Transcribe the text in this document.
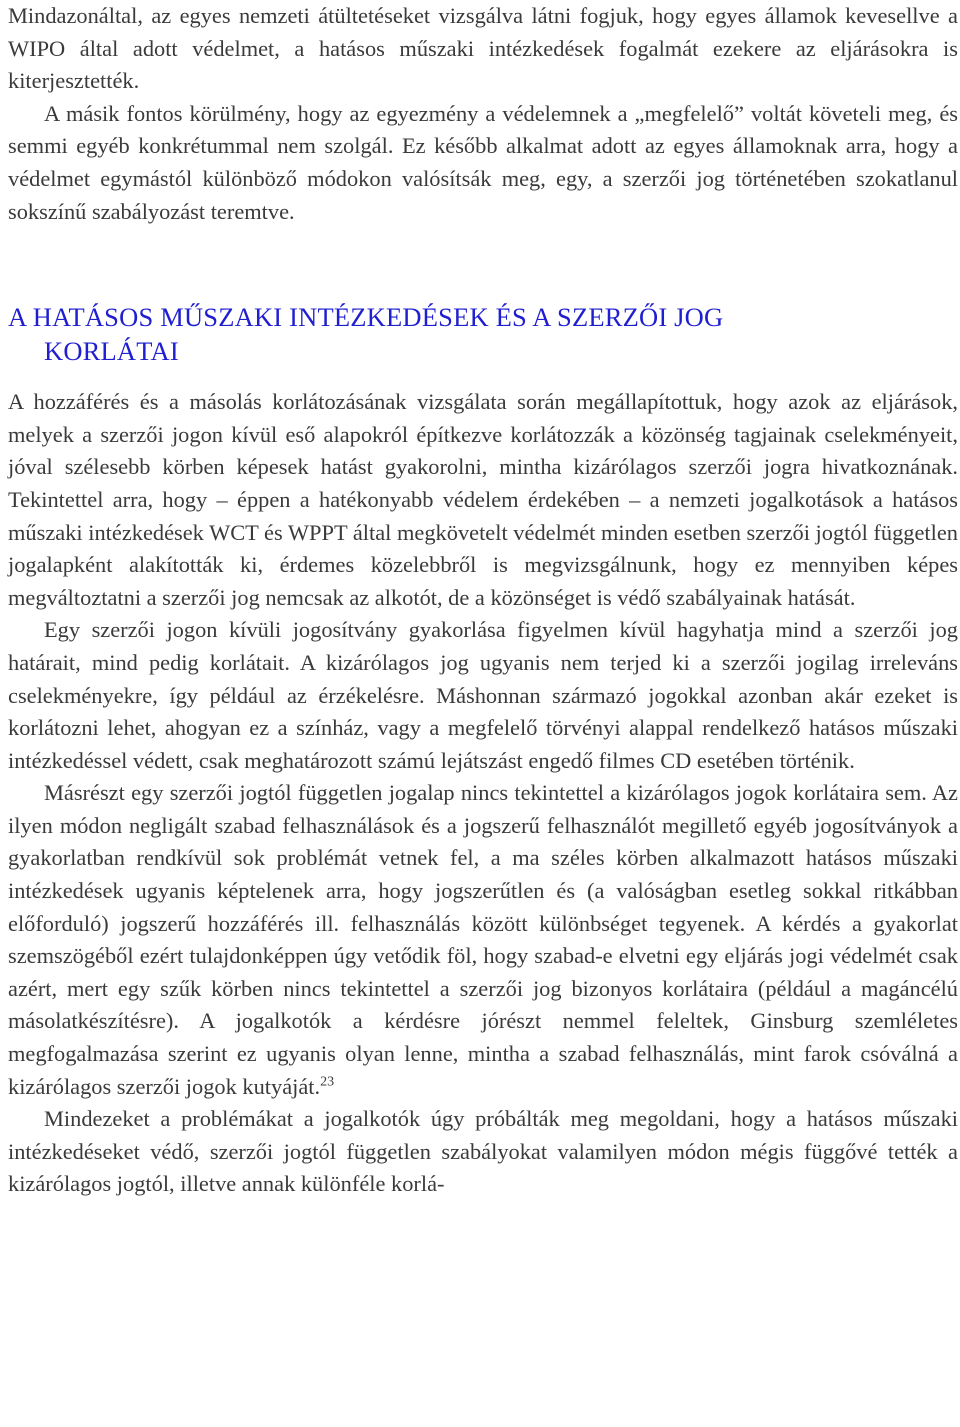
Mindazonáltal, az egyes nemzeti átültetéseket vizsgálva látni fogjuk, hogy egyes államok kevesellve a WIPO által adott védelmet, a hatásos műszaki intézkedések fogalmát ezekere az eljárásokra is kiterjesztették.

A másik fontos körülmény, hogy az egyezmény a védelemnek a „megfelelő” voltát követeli meg, és semmi egyéb konkrétummal nem szolgál. Ez később alkalmat adott az egyes államoknak arra, hogy a védelmet egymástól különböző módokon valósítsák meg, egy, a szerzői jog történetében szokatlanul sokszínű szabályozást teremtve.

A HATÁSOS MŰSZAKI INTÉZKEDÉSEK ÉS A SZERZŐI JOG
KORLÁTAI

A hozzáférés és a másolás korlátozásának vizsgálata során megállapítottuk, hogy azok az eljárások, melyek a szerzői jogon kívül eső alapokról építkezve korlátozzák a közönség tagjainak cselekményeit, jóval szélesebb körben képesek hatást gyakorolni, mintha kizárólagos szerzői jogra hivatkoznának. Tekintettel arra, hogy – éppen a hatékonyabb védelem érdekében – a nemzeti jogalkotások a hatásos műszaki intézkedések WCT és WPPT által megkövetelt védelmét minden esetben szerzői jogtól független jogalapként alakították ki, érdemes közelebbről is megvizsgálnunk, hogy ez mennyiben képes megváltoztatni a szerzői jog nemcsak az alkotót, de a közönséget is védő szabályainak hatását.

Egy szerzői jogon kívüli jogosítvány gyakorlása figyelmen kívül hagyhatja mind a szerzői jog határait, mind pedig korlátait. A kizárólagos jog ugyanis nem terjed ki a szerzői jogilag irreleváns cselekményekre, így például az érzékelésre. Máshonnan származó jogokkal azonban akár ezeket is korlátozni lehet, ahogyan ez a színház, vagy a megfelelő törvényi alappal rendelkező hatásos műszaki intézkedéssel védett, csak meghatározott számú lejátszást engedő filmes CD esetében történik.

Másrészt egy szerzői jogtól független jogalap nincs tekintettel a kizárólagos jogok korlátaira sem. Az ilyen módon negligált szabad felhasználások és a jogszerű felhasználót megillető egyéb jogosítványok a gyakorlatban rendkívül sok problémát vetnek fel, a ma széles körben alkalmazott hatásos műszaki intézkedések ugyanis képtelenek arra, hogy jogszerűtlen és (a valóságban esetleg sokkal ritkábban előforduló) jogszerű hozzáférés ill. felhasználás között különbséget tegyenek. A kérdés a gyakorlat szemszögéből ezért tulajdonképpen úgy vetődik föl, hogy szabad-e elvetni egy eljárás jogi védelmét csak azért, mert egy szűk körben nincs tekintettel a szerzői jog bizonyos korlátaira (például a magáncélú másolatkészítésre). A jogalkotók a kérdésre jórészt nemmel feleltek, Ginsburg szemléletes megfogalmazása szerint ez ugyanis olyan lenne, mintha a szabad felhasználás, mint farok csóválná a kizárólagos szerzői jogok kutyáját.$^{23}$

Mindezeket a problémákat a jogalkotók úgy próbálták meg megoldani, hogy a hatásos műszaki intézkedéseket védő, szerzői jogtól független szabályokat valamilyen módon mégis függővé tették a kizárólagos jogtól, illetve annak különféle korlá-
